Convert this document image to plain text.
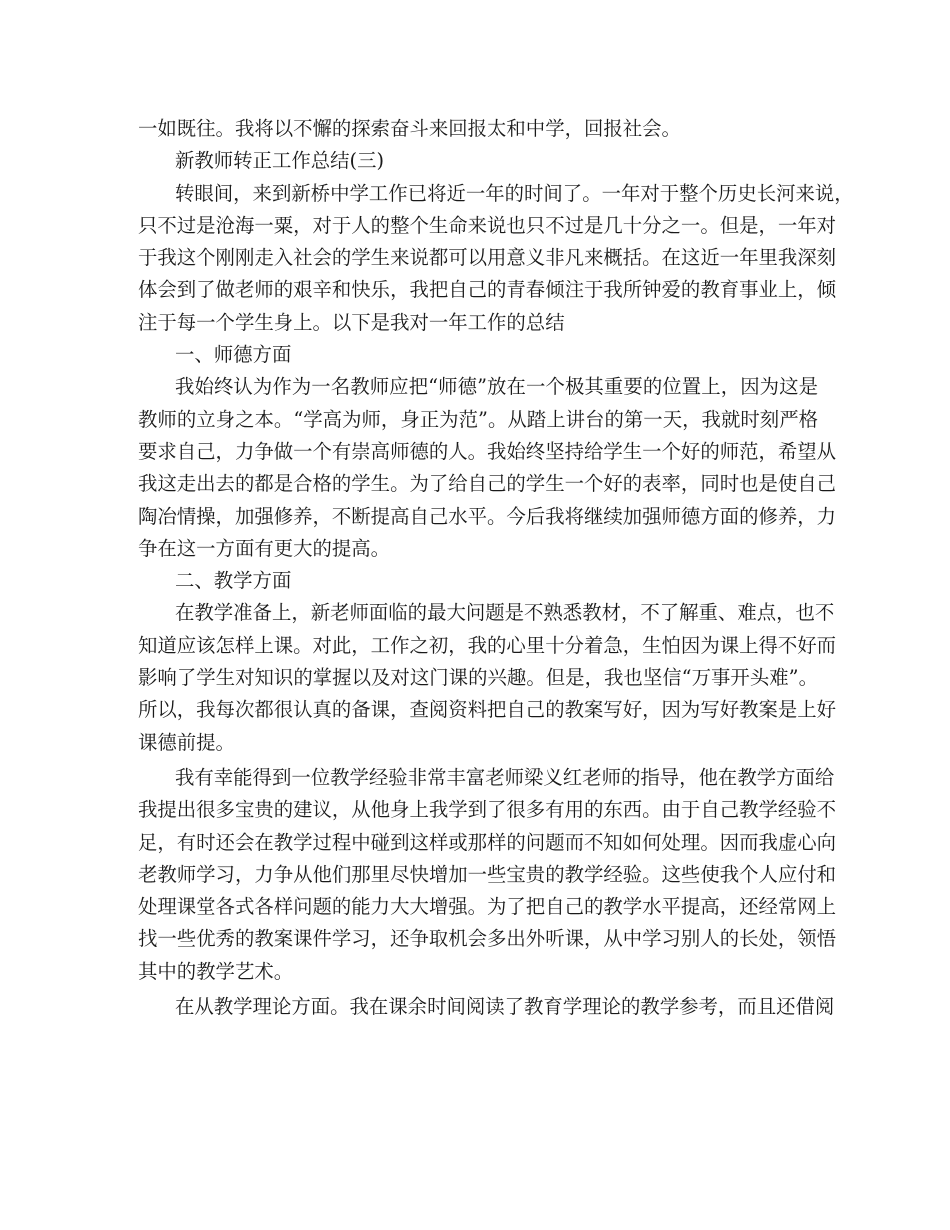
一如既往。我将以不懈的探索奋斗来回报太和中学，回报社会。
新教师转正工作总结(三)
转眼间，来到新桥中学工作已将近一年的时间了。一年对于整个历史长河来说，
只不过是沧海一粟，对于人的整个生命来说也只不过是几十分之一。但是，一年对
于我这个刚刚走入社会的学生来说都可以用意义非凡来概括。在这近一年里我深刻
体会到了做老师的艰辛和快乐，我把自己的青春倾注于我所钟爱的教育事业上，倾
注于每一个学生身上。以下是我对一年工作的总结
一、师德方面
我始终认为作为一名教师应把“师德”放在一个极其重要的位置上，因为这是
教师的立身之本。“学高为师，身正为范”。从踏上讲台的第一天，我就时刻严格
要求自己，力争做一个有崇高师德的人。我始终坚持给学生一个好的师范，希望从
我这走出去的都是合格的学生。为了给自己的学生一个好的表率，同时也是使自己
陶冶情操，加强修养，不断提高自己水平。今后我将继续加强师德方面的修养，力
争在这一方面有更大的提高。
二、教学方面
在教学准备上，新老师面临的最大问题是不熟悉教材，不了解重、难点，也不
知道应该怎样上课。对此，工作之初，我的心里十分着急，生怕因为课上得不好而
影响了学生对知识的掌握以及对这门课的兴趣。但是，我也坚信“万事开头难”。
所以，我每次都很认真的备课，查阅资料把自己的教案写好，因为写好教案是上好
课德前提。
我有幸能得到一位教学经验非常丰富老师梁义红老师的指导，他在教学方面给
我提出很多宝贵的建议，从他身上我学到了很多有用的东西。由于自己教学经验不
足，有时还会在教学过程中碰到这样或那样的问题而不知如何处理。因而我虚心向
老教师学习，力争从他们那里尽快增加一些宝贵的教学经验。这些使我个人应付和
处理课堂各式各样问题的能力大大增强。为了把自己的教学水平提高，还经常网上
找一些优秀的教案课件学习，还争取机会多出外听课，从中学习别人的长处，领悟
其中的教学艺术。
在从教学理论方面。我在课余时间阅读了教育学理论的教学参考，而且还借阅
